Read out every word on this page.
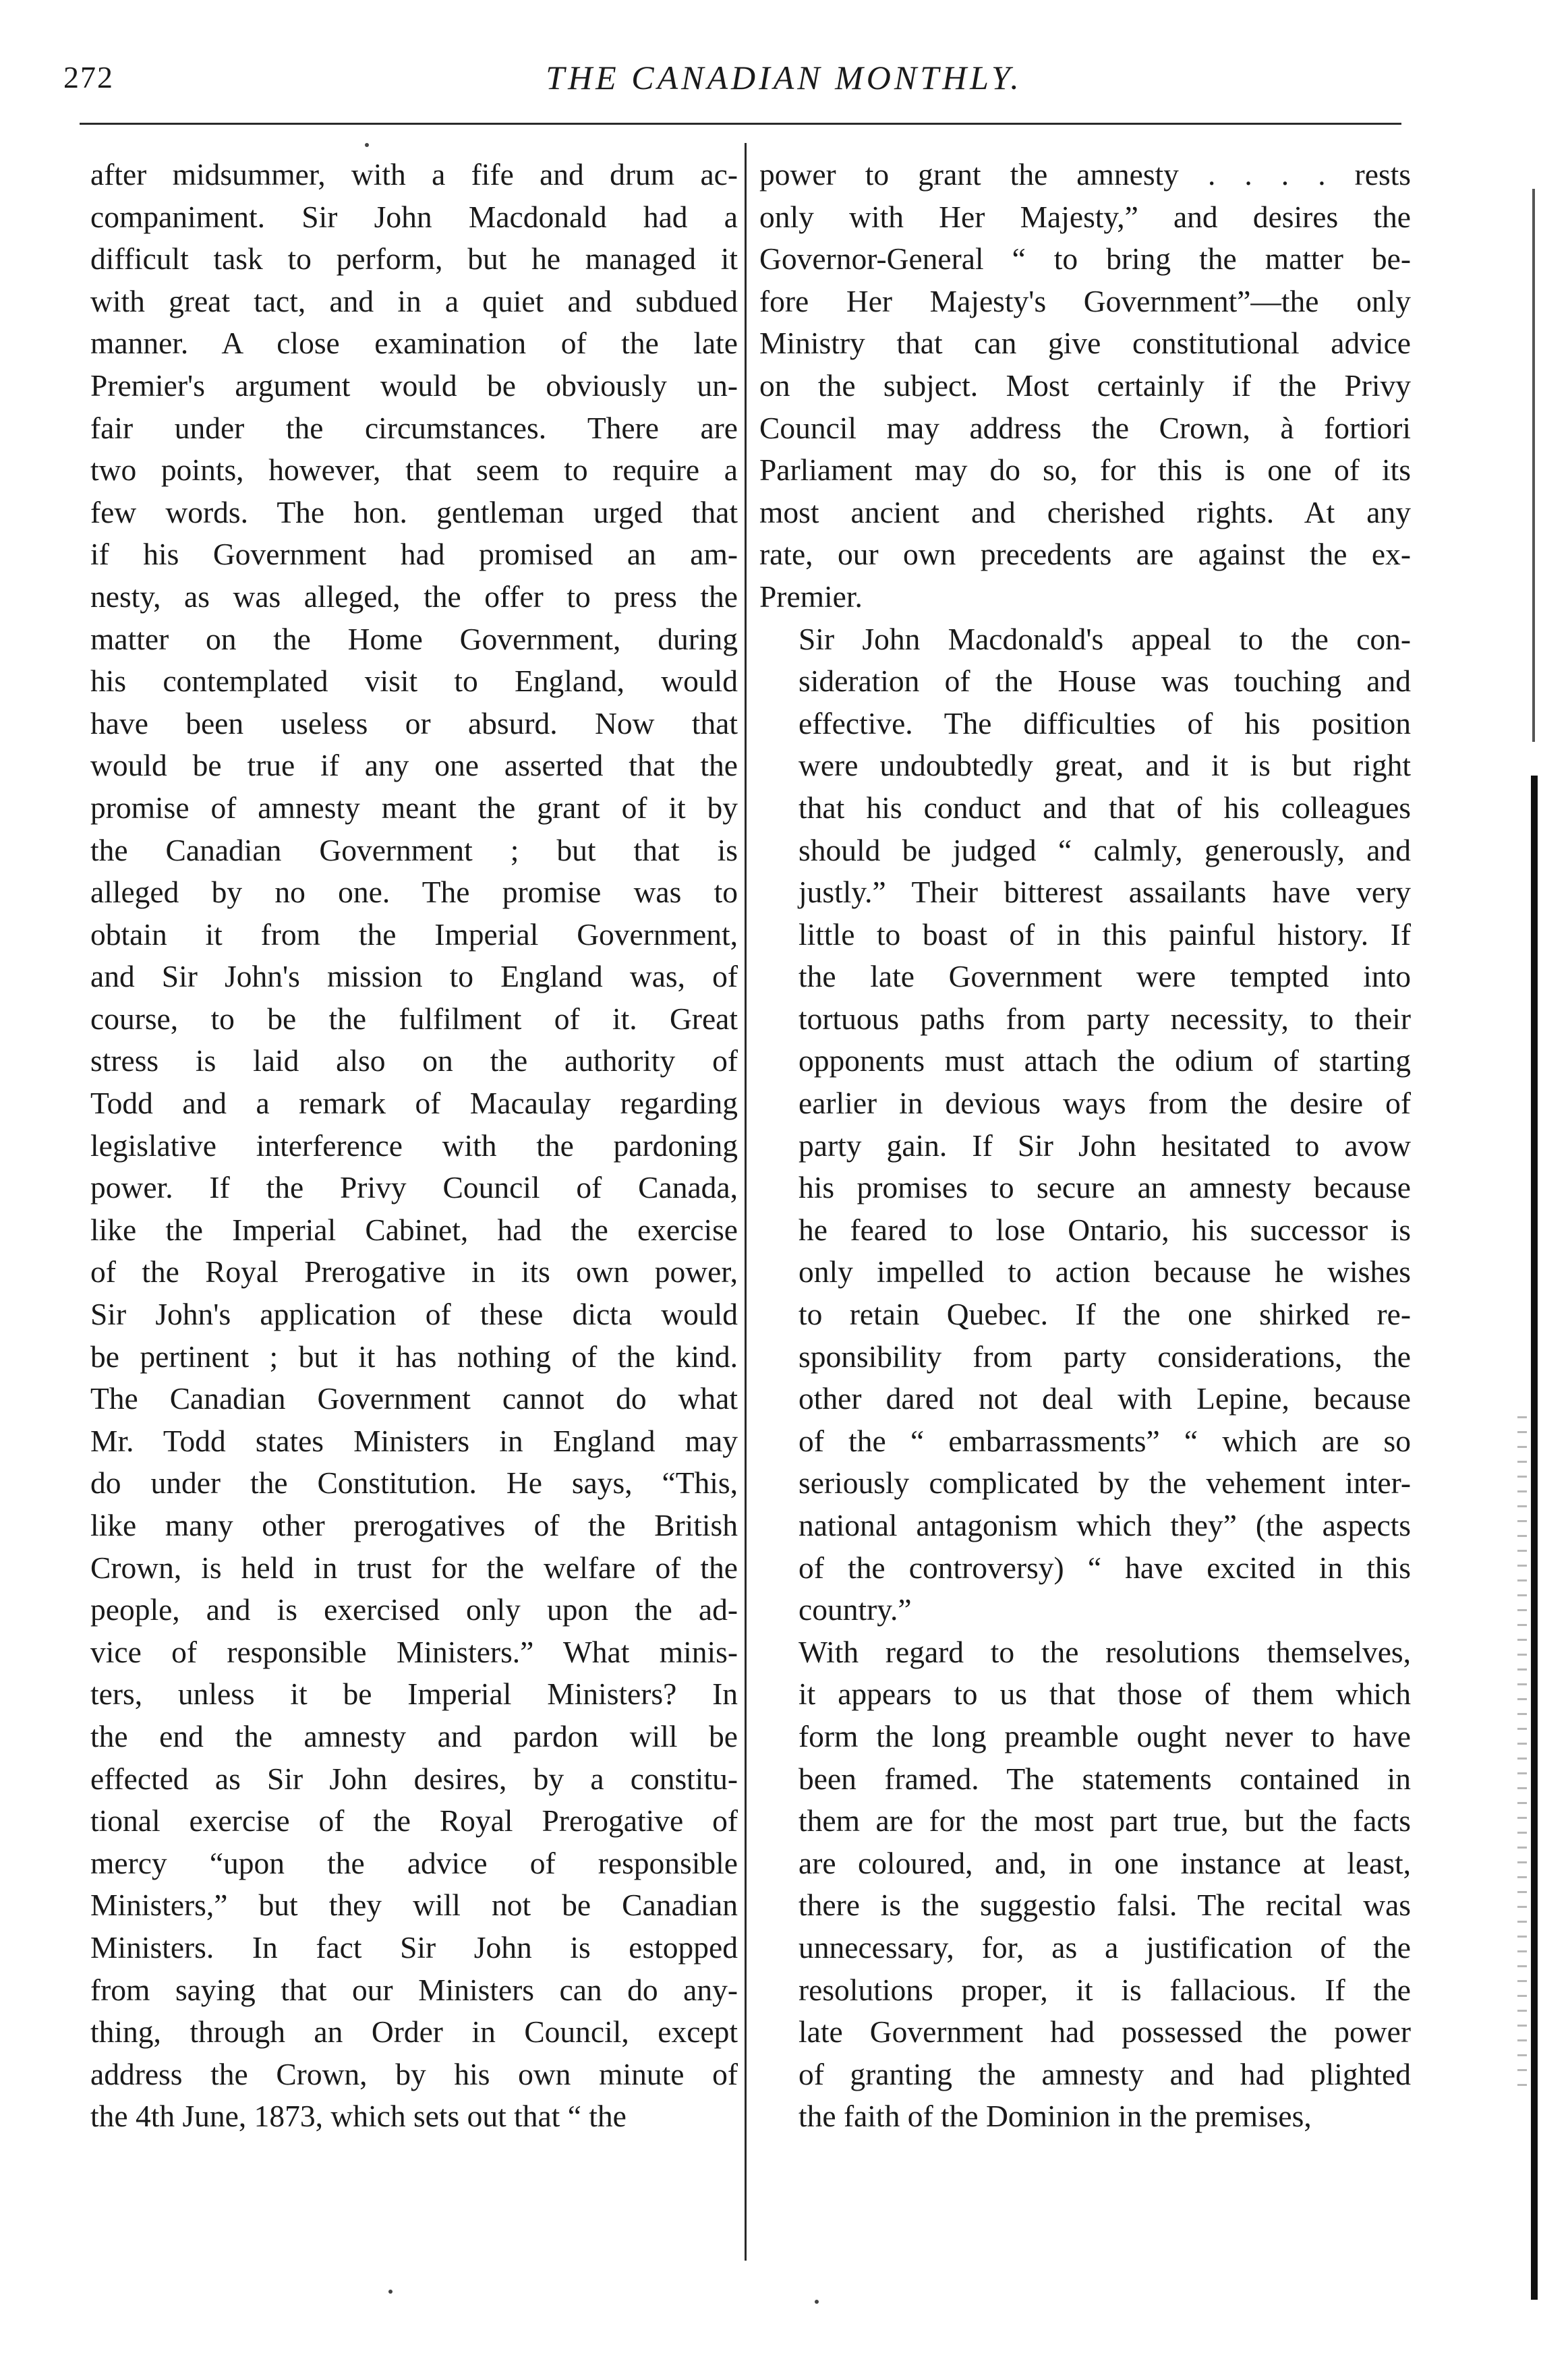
272	THE CANADIAN MONTHLY.

after midsummer, with a fife and drum ac-
companiment. Sir John Macdonald had a
difficult task to perform, but he managed it
with great tact, and in a quiet and subdued
manner. A close examination of the late
Premier's argument would be obviously un-
fair under the circumstances. There are
two points, however, that seem to require a
few words. The hon. gentleman urged that
if his Government had promised an am-
nesty, as was alleged, the offer to press the
matter on the Home Government, during
his contemplated visit to England, would
have been useless or absurd. Now that
would be true if any one asserted that the
promise of amnesty meant the grant of it by
the Canadian Government ; but that is
alleged by no one. The promise was to
obtain it from the Imperial Government,
and Sir John's mission to England was, of
course, to be the fulfilment of it. Great
stress is laid also on the authority of
Todd and a remark of Macaulay regarding
legislative interference with the pardoning
power. If the Privy Council of Canada,
like the Imperial Cabinet, had the exercise
of the Royal Prerogative in its own power,
Sir John's application of these dicta would
be pertinent ; but it has nothing of the kind.
The Canadian Government cannot do what
Mr. Todd states Ministers in England may
do under the Constitution. He says, “This,
like many other prerogatives of the British
Crown, is held in trust for the welfare of the
people, and is exercised only upon the ad-
vice of responsible Ministers.” What minis-
ters, unless it be Imperial Ministers? In
the end the amnesty and pardon will be
effected as Sir John desires, by a constitu-
tional exercise of the Royal Prerogative of
mercy “upon the advice of responsible
Ministers,” but they will not be Canadian
Ministers. In fact Sir John is estopped
from saying that our Ministers can do any-
thing, through an Order in Council, except
address the Crown, by his own minute of
the 4th June, 1873, which sets out that “ the

power to grant the amnesty . . . . rests
only with Her Majesty,” and desires the
Governor-General “ to bring the matter be-
fore Her Majesty's Government”—the only
Ministry that can give constitutional advice
on the subject. Most certainly if the Privy
Council may address the Crown, à fortiori
Parliament may do so, for this is one of its
most ancient and cherished rights. At any
rate, our own precedents are against the ex-
Premier.

Sir John Macdonald's appeal to the con-
sideration of the House was touching and
effective. The difficulties of his position
were undoubtedly great, and it is but right
that his conduct and that of his colleagues
should be judged “ calmly, generously, and
justly.” Their bitterest assailants have very
little to boast of in this painful history. If
the late Government were tempted into
tortuous paths from party necessity, to their
opponents must attach the odium of starting
earlier in devious ways from the desire of
party gain. If Sir John hesitated to avow
his promises to secure an amnesty because
he feared to lose Ontario, his successor is
only impelled to action because he wishes
to retain Quebec. If the one shirked re-
sponsibility from party considerations, the
other dared not deal with Lepine, because
of the “ embarrassments” “ which are so
seriously complicated by the vehement inter-
national antagonism which they” (the aspects
of the controversy) “ have excited in this
country.”

With regard to the resolutions themselves,
it appears to us that those of them which
form the long preamble ought never to have
been framed. The statements contained in
them are for the most part true, but the facts
are coloured, and, in one instance at least,
there is the suggestio falsi. The recital was
unnecessary, for, as a justification of the
resolutions proper, it is fallacious. If the
late Government had possessed the power
of granting the amnesty and had plighted
the faith of the Dominion in the premises,
